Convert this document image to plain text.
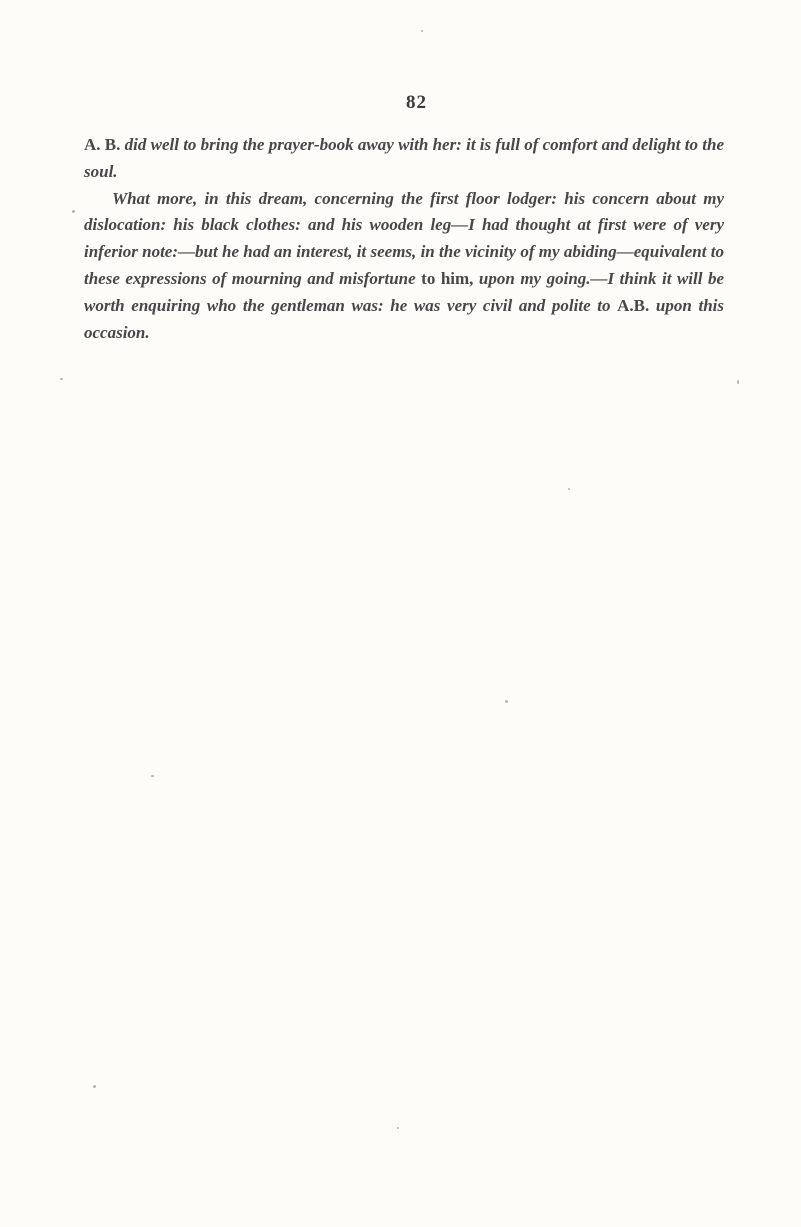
82

A. B. did well to bring the prayer-book away with her: it is full of comfort and delight to the soul.

What more, in this dream, concerning the first floor lodger: his concern about my dislocation: his black clothes: and his wooden leg—I had thought at first were of very inferior note:—but he had an interest, it seems, in the vicinity of my abiding—equivalent to these expressions of mourning and misfortune to him, upon my going.—I think it will be worth enquiring who the gentleman was: he was very civil and polite to A.B. upon this occasion.
